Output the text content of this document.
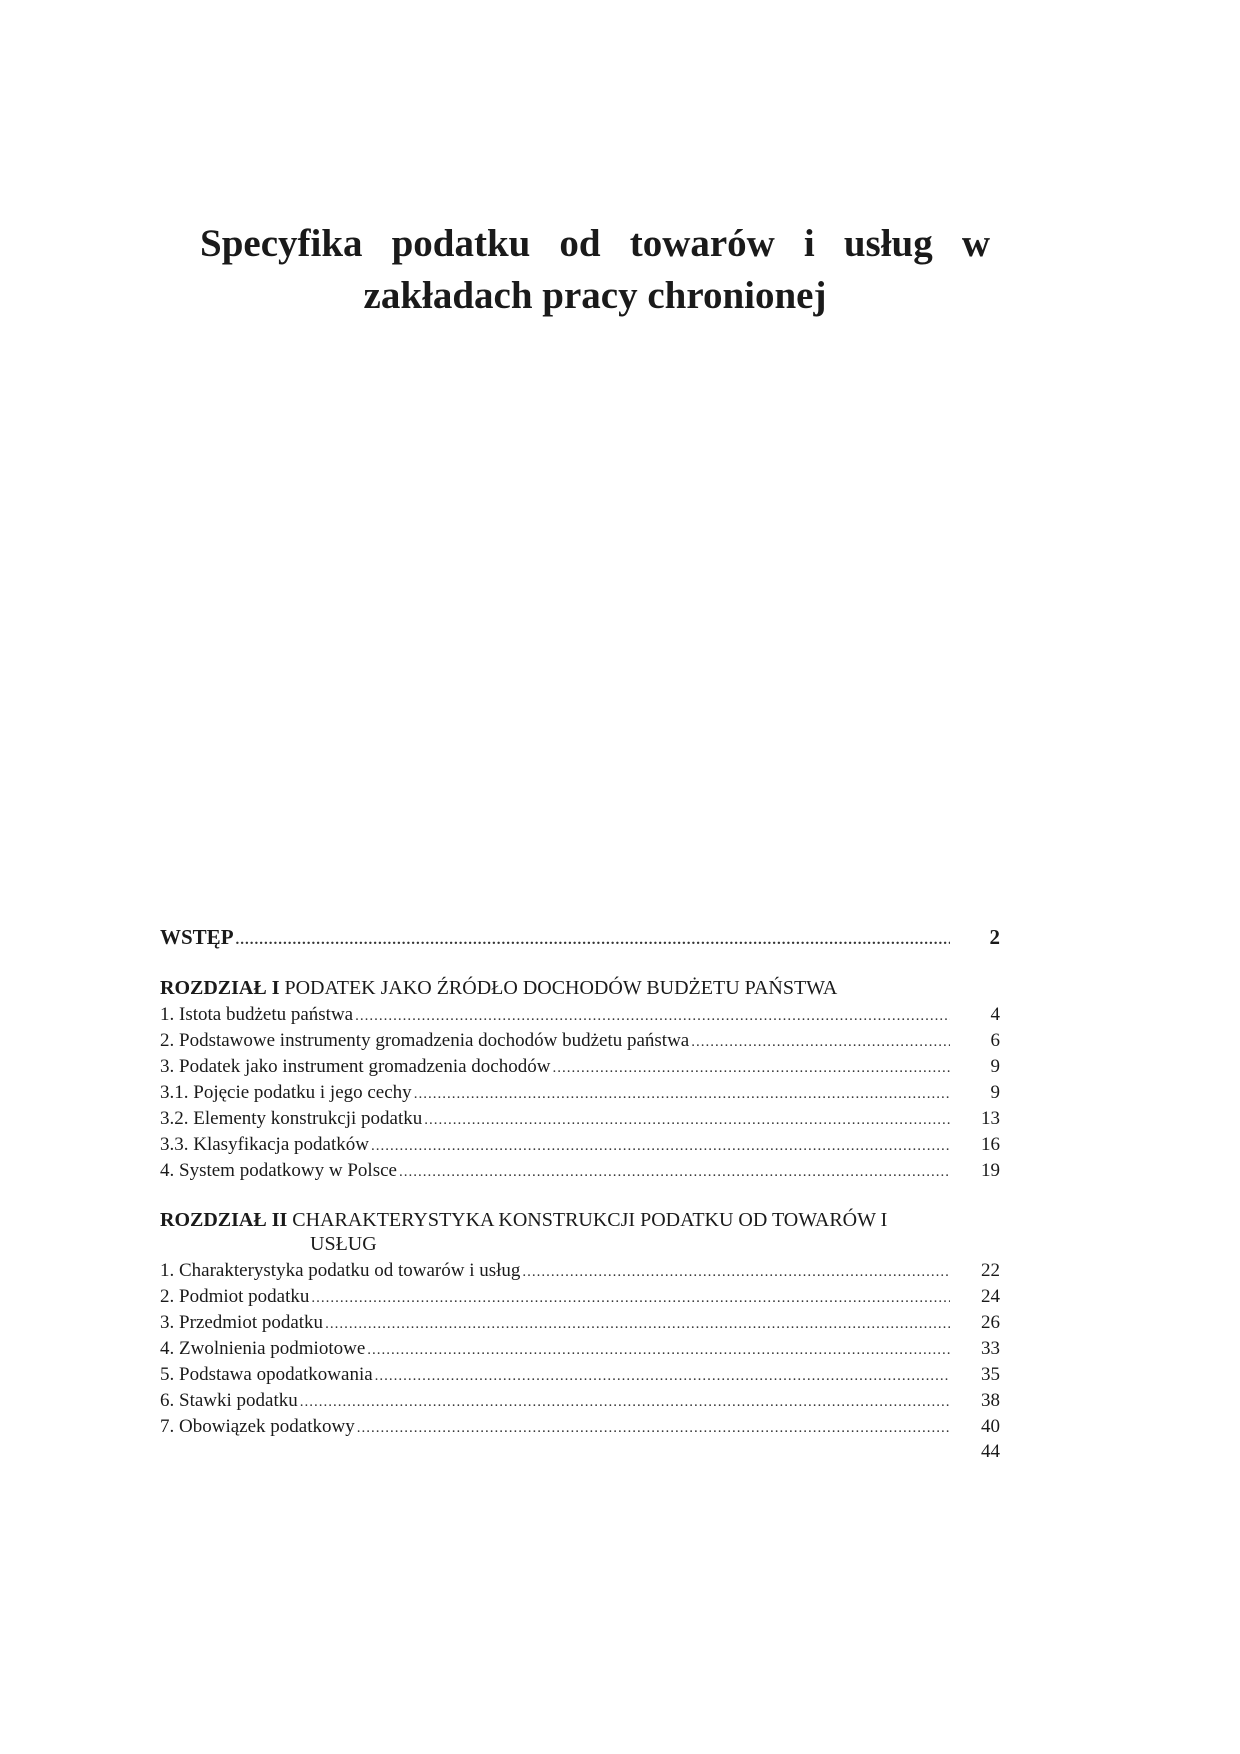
Specyfika podatku od towarów i usług w
zakładach pracy chronionej
WSTĘP .....	2
ROZDZIAŁ I PODATEK JAKO ŹRÓDŁO DOCHODÓW BUDŻETU PAŃSTWA
1. Istota budżetu państwa .....	4
2. Podstawowe instrumenty gromadzenia dochodów budżetu państwa .....	6
3. Podatek jako instrument gromadzenia dochodów .....	9
3.1. Pojęcie podatku i jego cechy .....	9
3.2. Elementy konstrukcji podatku .....	13
3.3. Klasyfikacja podatków .....	16
4. System podatkowy w Polsce .....	19
ROZDZIAŁ II CHARAKTERYSTYKA KONSTRUKCJI PODATKU OD TOWARÓW I
USŁUG
1. Charakterystyka podatku od towarów i usług .....	22
2. Podmiot podatku .....	24
3. Przedmiot podatku .....	26
4. Zwolnienia podmiotowe .....	33
5. Podstawa opodatkowania .....	35
6. Stawki podatku .....	38
7. Obowiązek podatkowy .....	40
44
